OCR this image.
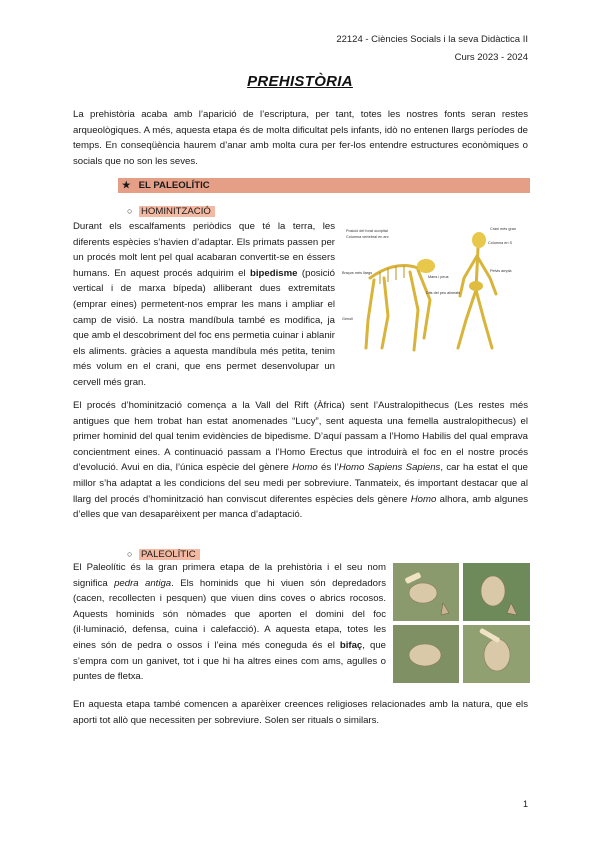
22124 - Ciències Socials i la seva Didàctica II
Curs 2023 - 2024
PREHISTÒRIA

La prehistòria acaba amb l’aparició de l’escriptura, per tant, totes les nostres fonts seran restes arqueològiques. A més, aquesta etapa és de molta dificultat pels infants, idò no entenen llargs períodes de temps. En conseqüència haurem d’anar amb molta cura per fer-los entendre estructures econòmiques o socials que no son les seves.

★ EL PALEOLÍTIC
○ HOMINITZACIÓ
Posició del forat occipital
Columna vertebral en arc
Crani més gran
Columna en S
Pelvis ampla
Mans i peus
Dits del peu alineats
Braços més llargs
Genoll

Durant els escalfaments periòdics que té la terra, les diferents espècies s’havien d’adaptar. Els primats passen per un procés molt lent pel qual acabaran convertit-se en éssers humans. En aquest procés adquirim el bipedisme (posició vertical i de marxa bípeda) alliberant dues extremitats (emprar eines) permetent-nos emprar les mans i ampliar el camp de visió. La nostra mandíbula també es modifica, ja que amb el descobriment del foc ens permetia cuinar i ablanir els aliments. gràcies a aquesta mandíbula més petita, tenim més volum en el crani, que ens permet desenvolupar un cervell més gran.

El procés d’hominització comença a la Vall del Rift (Àfrica) sent l’Australopithecus (Les restes més antigues que hem trobat han estat anomenades “Lucy”, sent aquesta una femella australopithecus) el primer hominid del qual tenim evidències de bipedisme. D’aquí passam a l’Homo Habilis del qual emprava concientment eines. A continuació passam a l’Homo Erectus que introduirà el foc en el nostre procés d’evolució. Avui en dia, l’única espècie del gènere Homo és l’Homo Sapiens Sapiens, car ha estat el que millor s’ha adaptat a les condicions del seu medi per sobreviure. Tanmateix, és important destacar que al llarg del procés d’hominització han conviscut diferentes espècies dels gènere Homo alhora, amb algunes d’elles que van desaparèixent per manca d’adaptació.

○ PALEOLÍTIC

El Paleolític és la gran primera etapa de la prehistòria i el seu nom significa pedra antiga. Els hominids que hi viuen són depredadors (cacen, recollecten i pesquen) que viuen dins coves o abrics rocosos. Aquests hominids són nòmades que aporten el domini del foc (il·luminació, defensa, cuina i calefacció). A aquesta etapa, totes les eines són de pedra o ossos i l’eina més coneguda és el bifaç, que s’empra com un ganivet, tot i que hi ha altres eines com ams, agulles o puntes de fletxa.

En aquesta etapa també comencen a aparèixer creences religioses relacionades amb la natura, que els aporti tot allò que necessiten per sobreviure. Solen ser rituals o similars.

1
